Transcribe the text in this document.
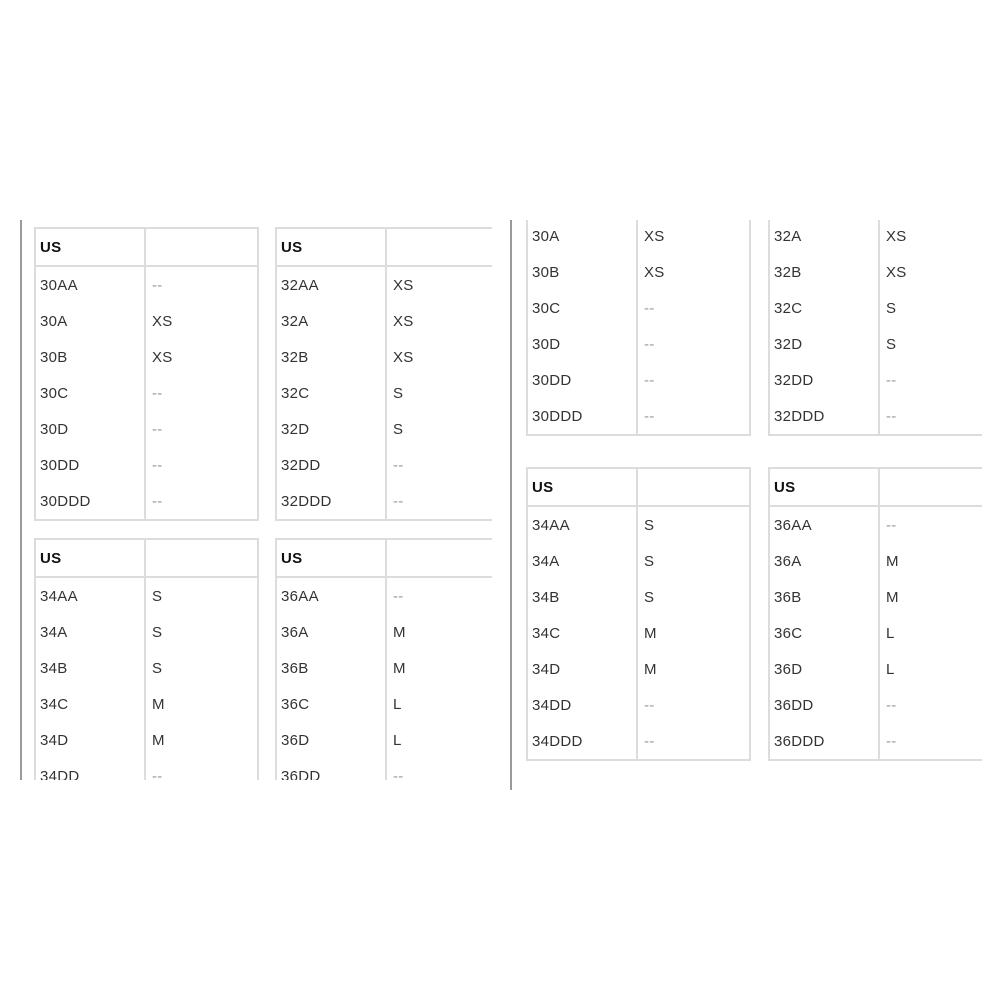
US	
30AA	--
30A	XS
30B	XS
30C	--
30D	--
30DD	--
30DDD	--
US	
32AA	XS
32A	XS
32B	XS
32C	S
32D	S
32DD	--
32DDD	--
US	
34AA	S
34A	S
34B	S
34C	M
34D	M
34DD	--
US	
36AA	--
36A	M
36B	M
36C	L
36D	L
36DD	--
30A	XS
30B	XS
30C	--
30D	--
30DD	--
30DDD	--
32A	XS
32B	XS
32C	S
32D	S
32DD	--
32DDD	--
US	
34AA	S
34A	S
34B	S
34C	M
34D	M
34DD	--
34DDD	--
US	
36AA	--
36A	M
36B	M
36C	L
36D	L
36DD	--
36DDD	--
